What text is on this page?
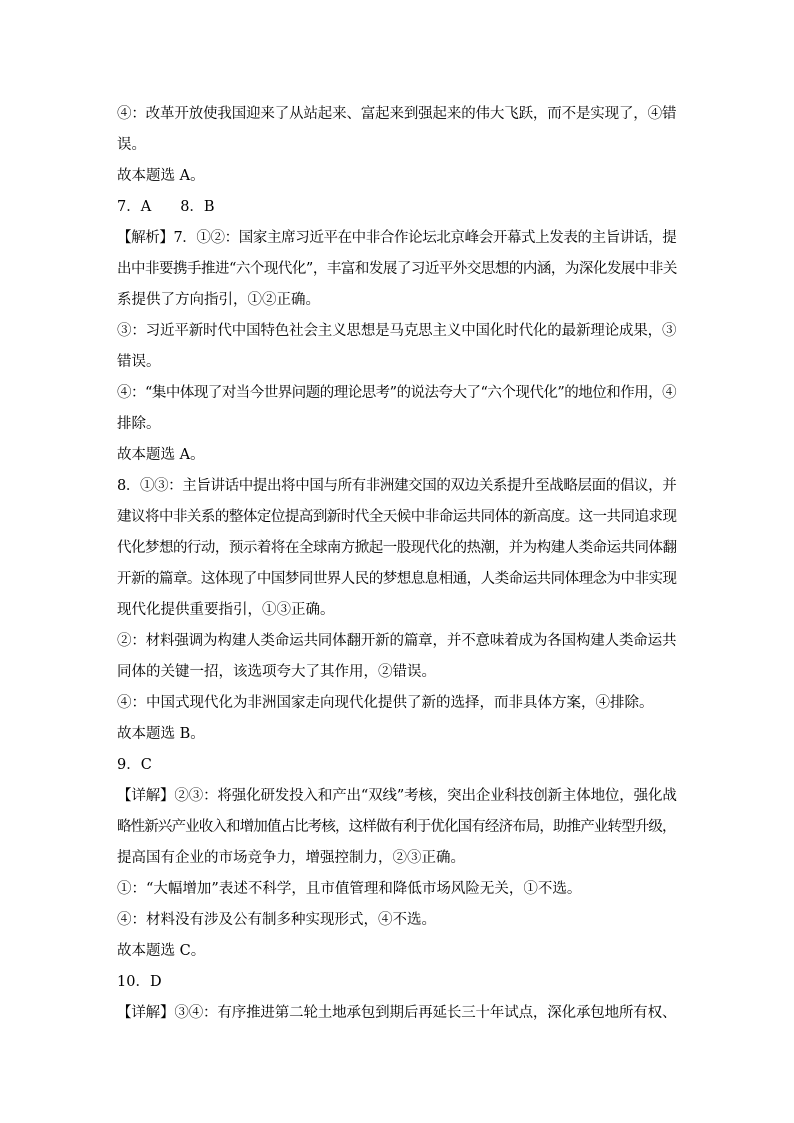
④：改革开放使我国迎来了从站起来、富起来到强起来的伟大飞跃，而不是实现了，④错
误。
故本题选 A。
7．A　　8．B
【解析】7．①②：国家主席习近平在中非合作论坛北京峰会开幕式上发表的主旨讲话，提
出中非要携手推进“六个现代化”，丰富和发展了习近平外交思想的内涵，为深化发展中非关
系提供了方向指引，①②正确。
③：习近平新时代中国特色社会主义思想是马克思主义中国化时代化的最新理论成果，③
错误。
④：“集中体现了对当今世界问题的理论思考”的说法夸大了“六个现代化”的地位和作用，④
排除。
故本题选 A。
8．①③：主旨讲话中提出将中国与所有非洲建交国的双边关系提升至战略层面的倡议，并
建议将中非关系的整体定位提高到新时代全天候中非命运共同体的新高度。这一共同追求现
代化梦想的行动，预示着将在全球南方掀起一股现代化的热潮，并为构建人类命运共同体翻
开新的篇章。这体现了中国梦同世界人民的梦想息息相通，人类命运共同体理念为中非实现
现代化提供重要指引，①③正确。
②：材料强调为构建人类命运共同体翻开新的篇章，并不意味着成为各国构建人类命运共
同体的关键一招，该选项夸大了其作用，②错误。
④：中国式现代化为非洲国家走向现代化提供了新的选择，而非具体方案，④排除。
故本题选 B。
9．C
【详解】②③：将强化研发投入和产出“双线”考核，突出企业科技创新主体地位，强化战
略性新兴产业收入和增加值占比考核，这样做有利于优化国有经济布局，助推产业转型升级，
提高国有企业的市场竞争力，增强控制力，②③正确。
①：“大幅增加”表述不科学，且市值管理和降低市场风险无关，①不选。
④：材料没有涉及公有制多种实现形式，④不选。
故本题选 C。
10．D
【详解】③④：有序推进第二轮土地承包到期后再延长三十年试点，深化承包地所有权、
